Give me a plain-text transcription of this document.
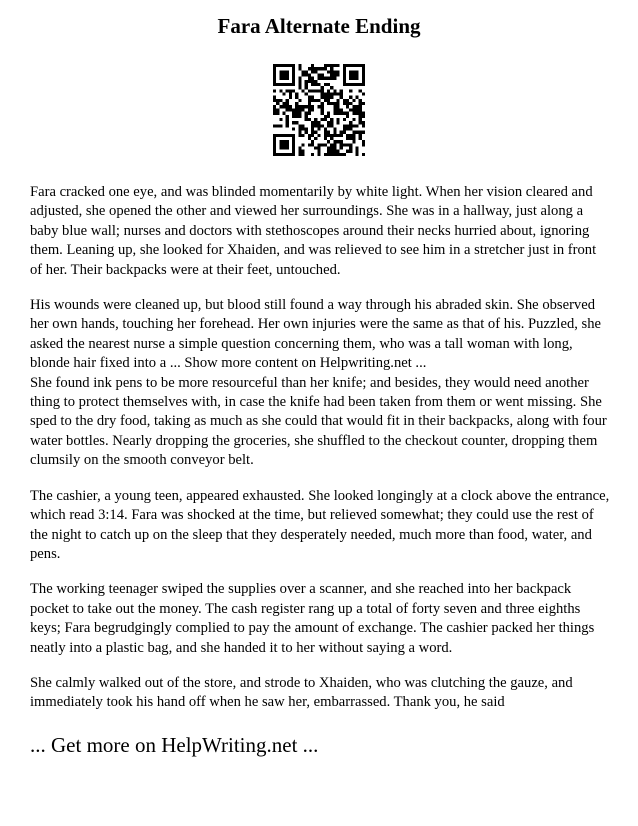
Fara Alternate Ending

Fara cracked one eye, and was blinded momentarily by white light. When her vision cleared and adjusted, she opened the other and viewed her surroundings. She was in a hallway, just along a baby blue wall; nurses and doctors with stethoscopes around their necks hurried about, ignoring them. Leaning up, she looked for Xhaiden, and was relieved to see him in a stretcher just in front of her. Their backpacks were at their feet, untouched.

His wounds were cleaned up, but blood still found a way through his abraded skin. She observed her own hands, touching her forehead. Her own injuries were the same as that of his. Puzzled, she asked the nearest nurse a simple question concerning them, who was a tall woman with long, blonde hair fixed into a ... Show more content on Helpwriting.net ...

She found ink pens to be more resourceful than her knife; and besides, they would need another thing to protect themselves with, in case the knife had been taken from them or went missing. She sped to the dry food, taking as much as she could that would fit in their backpacks, along with four water bottles. Nearly dropping the groceries, she shuffled to the checkout counter, dropping them clumsily on the smooth conveyor belt.

The cashier, a young teen, appeared exhausted. She looked longingly at a clock above the entrance, which read 3:14. Fara was shocked at the time, but relieved somewhat; they could use the rest of the night to catch up on the sleep that they desperately needed, much more than food, water, and pens.

The working teenager swiped the supplies over a scanner, and she reached into her backpack pocket to take out the money. The cash register rang up a total of forty seven and three eighths keys; Fara begrudgingly complied to pay the amount of exchange. The cashier packed her things neatly into a plastic bag, and she handed it to her without saying a word.

She calmly walked out of the store, and strode to Xhaiden, who was clutching the gauze, and immediately took his hand off when he saw her, embarrassed. Thank you, he said

... Get more on HelpWriting.net ...
